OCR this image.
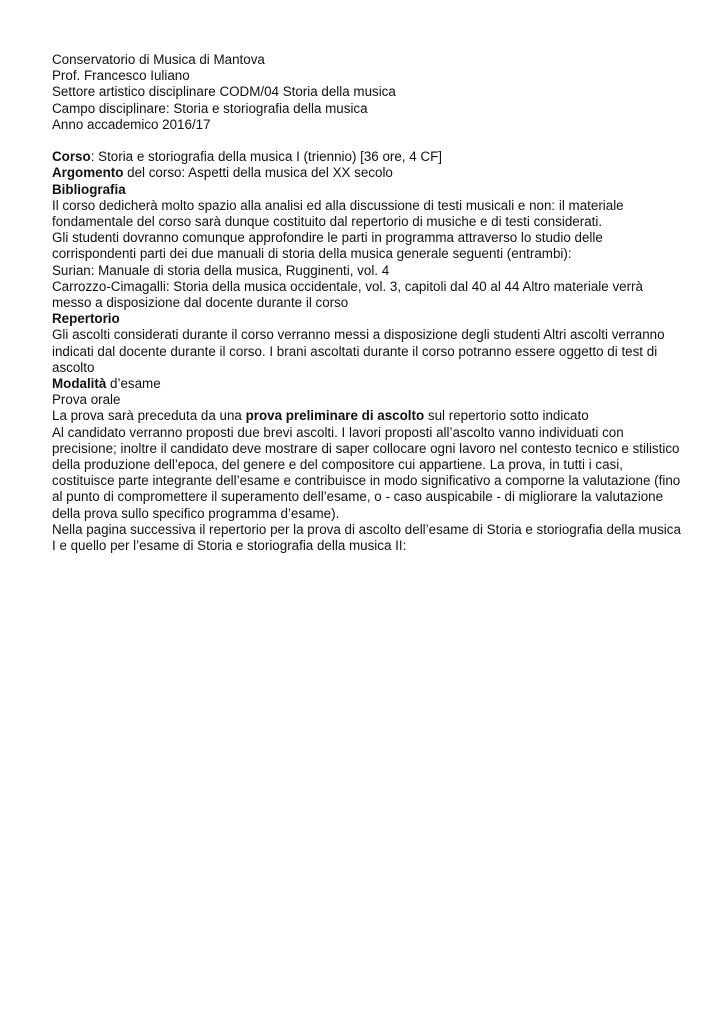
Conservatorio di Musica di Mantova
Prof. Francesco Iuliano
Settore artistico disciplinare CODM/04 Storia della musica
Campo disciplinare: Storia e storiografia della musica
Anno accademico 2016/17

Corso: Storia e storiografia della musica I (triennio) [36 ore, 4 CF]

Argomento del corso: Aspetti della musica del XX secolo

Bibliografia

Il corso dedicherà molto spazio alla analisi ed alla discussione di testi musicali e non: il materiale fondamentale del corso sarà dunque costituito dal repertorio di musiche e di testi considerati.

Gli studenti dovranno comunque approfondire le parti in programma attraverso lo studio delle corrispondenti parti dei due manuali di storia della musica generale seguenti (entrambi):

Surian: Manuale di storia della musica, Rugginenti, vol. 4

Carrozzo-Cimagalli: Storia della musica occidentale, vol. 3, capitoli dal 40 al 44 Altro materiale verrà messo a disposizione dal docente durante il corso

Repertorio

Gli ascolti considerati durante il corso verranno messi a disposizione degli studenti Altri ascolti verranno indicati dal docente durante il corso. I brani ascoltati durante il corso potranno essere oggetto di test di ascolto

Modalità d’esame

Prova orale

La prova sarà preceduta da una prova preliminare di ascolto sul repertorio sotto indicato

Al candidato verranno proposti due brevi ascolti. I lavori proposti all’ascolto vanno individuati con precisione; inoltre il candidato deve mostrare di saper collocare ogni lavoro nel contesto tecnico e stilistico della produzione dell’epoca, del genere e del compositore cui appartiene. La prova, in tutti i casi, costituisce parte integrante dell’esame e contribuisce in modo significativo a comporne la valutazione (fino al punto di compromettere il superamento dell’esame, o - caso auspicabile - di migliorare la valutazione della prova sullo specifico programma d’esame).

Nella pagina successiva il repertorio per la prova di ascolto dell’esame di Storia e storiografia della musica I e quello per l’esame di Storia e storiografia della musica II:
